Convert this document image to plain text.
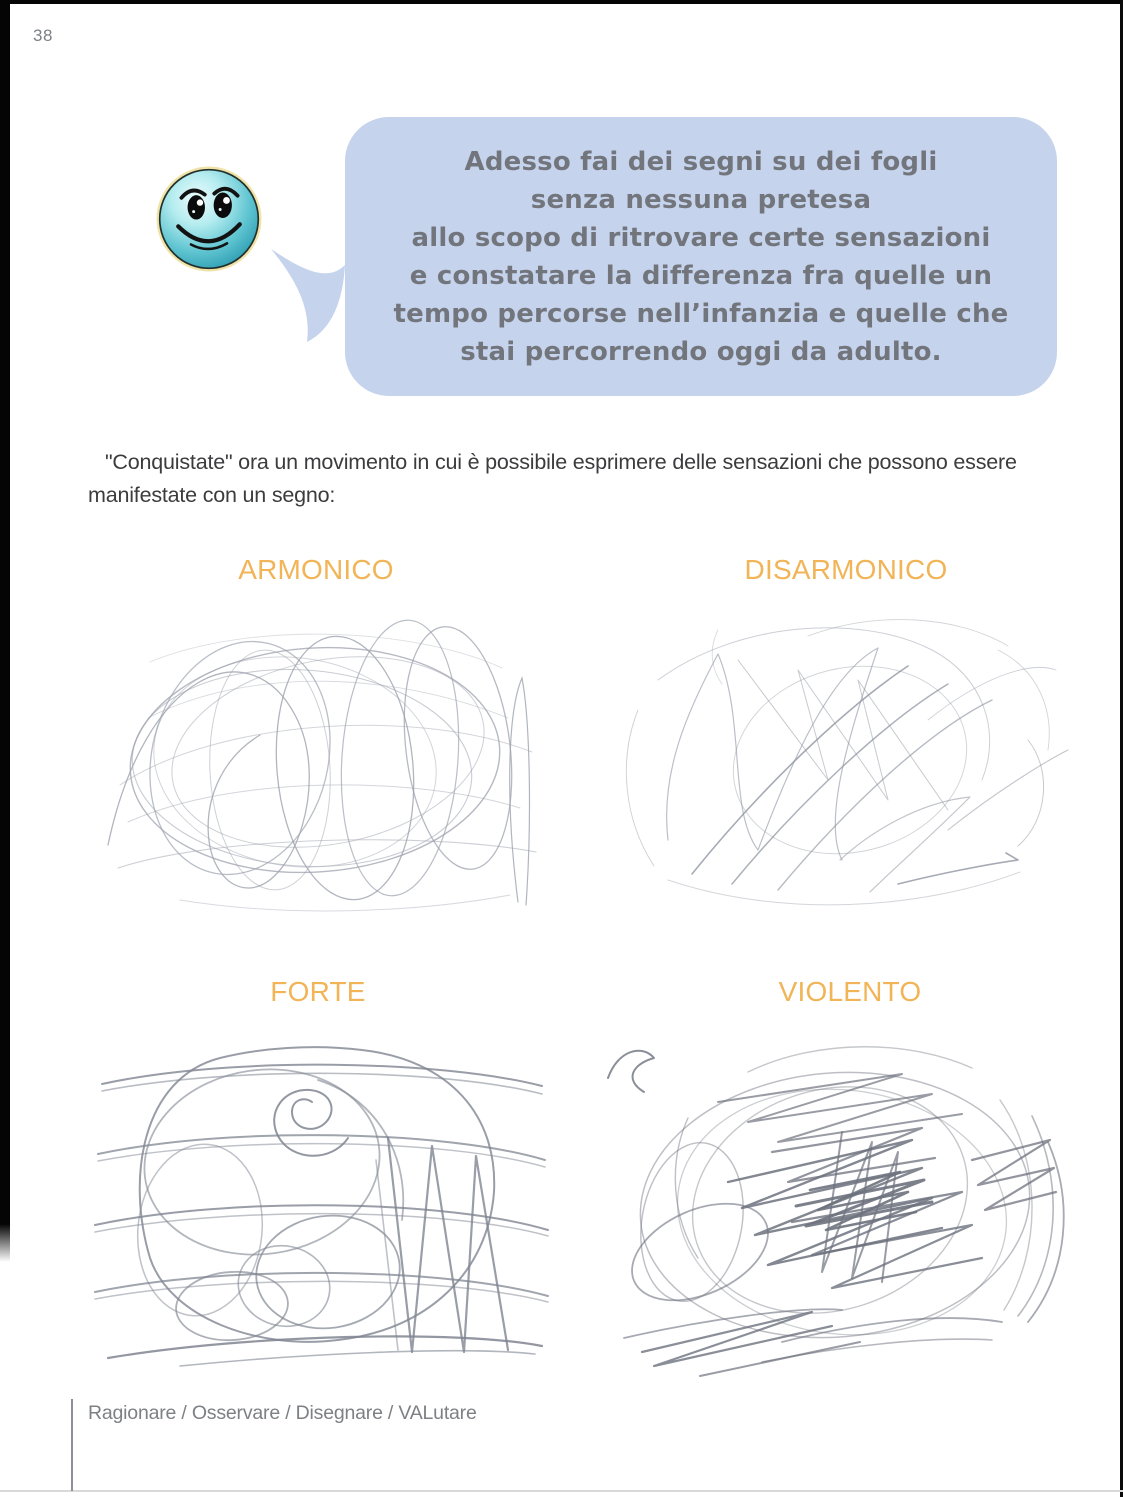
38
Adesso fai dei segni su dei fogli
senza nessuna pretesa
allo scopo di ritrovare certe sensazioni
e constatare la differenza fra quelle un
tempo percorse nell’infanzia e quelle che
stai percorrendo oggi da adulto.

"Conquistate" ora un movimento in cui è possibile esprimere delle sensazioni che possono essere manifestate con un segno:

ARMONICO	DISARMONICO
FORTE	VIOLENTO
Ragionare / Osservare / Disegnare / VALutare
